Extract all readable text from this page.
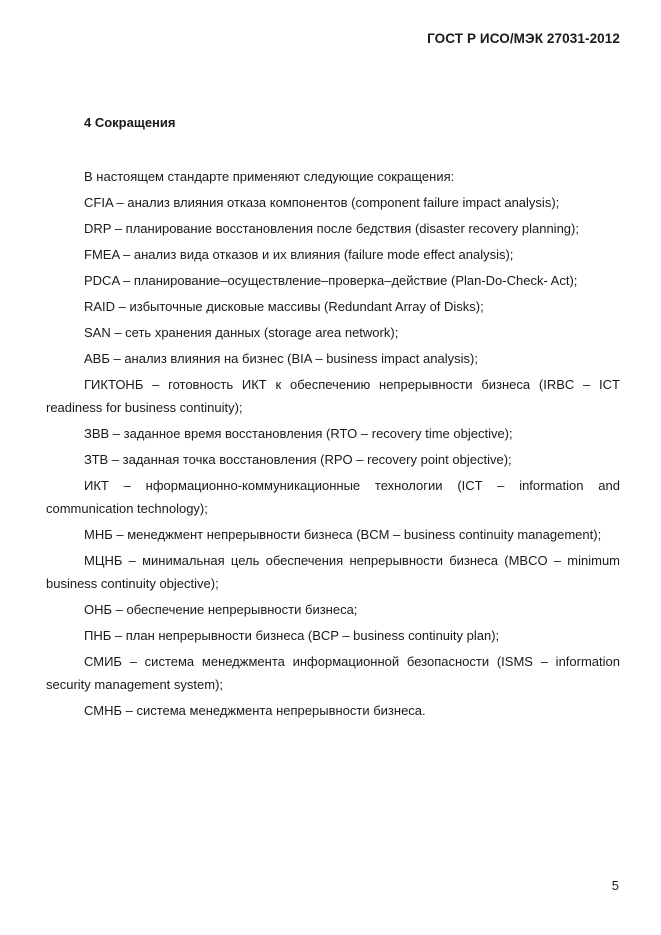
ГОСТ Р ИСО/МЭК 27031-2012
4 Сокращения

В настоящем стандарте применяют следующие сокращения:

CFIA – анализ влияния отказа компонентов (component failure impact analysis);

DRP – планирование восстановления после бедствия (disaster recovery planning);

FMEA – анализ вида отказов и их влияния (failure mode effect analysis);

PDCA – планирование–осуществление–проверка–действие (Plan-Do-Check- Act);

RAID – избыточные дисковые массивы (Redundant Array of Disks);

SAN – сеть хранения данных (storage area network);

АВБ – анализ влияния на бизнес (BIA – business impact analysis);

ГИКТОНБ – готовность ИКТ к обеспечению непрерывности бизнеса (IRBC – ICT readiness for business continuity);

ЗВВ – заданное время восстановления (RTO – recovery time objective);

ЗТВ – заданная точка восстановления (RPO – recovery point objective);

ИКТ – нформационно-коммуникационные технологии (ICT – information and communication technology);

МНБ – менеджмент непрерывности бизнеса (BCM – business continuity management);

МЦНБ – минимальная цель обеспечения непрерывности бизнеса (MBCO – minimum business continuity objective);

ОНБ – обеспечение непрерывности бизнеса;

ПНБ – план непрерывности бизнеса (BCP – business continuity plan);

СМИБ – система менеджмента информационной безопасности (ISMS – information security management system);

СМНБ – система менеджмента непрерывности бизнеса.

5
